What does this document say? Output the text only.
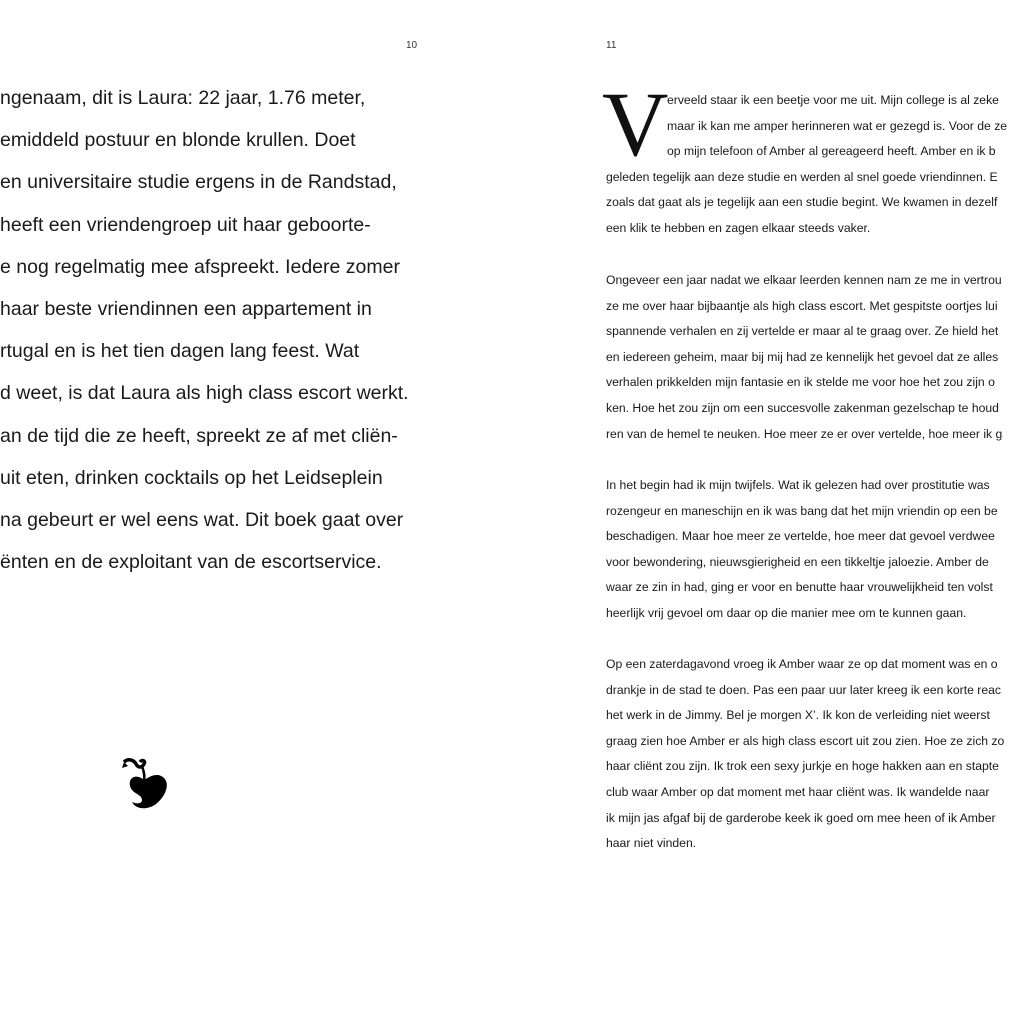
10
ngenaam, dit is Laura: 22 jaar, 1.76 meter,
emiddeld postuur en blonde krullen. Doet
en universitaire studie ergens in de Randstad,
heeft een vriendengroep uit haar geboorte-
e nog regelmatig mee afspreekt. Iedere zomer
haar beste vriendinnen een appartement in
rtugal en is het tien dagen lang feest. Wat
d weet, is dat Laura als high class escort werkt.
an de tijd die ze heeft, spreekt ze af met cliën-
uit eten, drinken cocktails op het Leidseplein
na gebeurt er wel eens wat. Dit boek gaat over
ënten en de exploitant van de escortservice.
11
V
erveeld staar ik een beetje voor me uit. Mijn college is al zeke
maar ik kan me amper herinneren wat er gezegd is. Voor de ze
op mijn telefoon of Amber al gereageerd heeft. Amber en ik b
geleden tegelijk aan deze studie en werden al snel goede vriendinnen. E
zoals dat gaat als je tegelijk aan een studie begint. We kwamen in dezelf
een klik te hebben en zagen elkaar steeds vaker.
Ongeveer een jaar nadat we elkaar leerden kennen nam ze me in vertrou
ze me over haar bijbaantje als high class escort. Met gespitste oortjes lui
spannende verhalen en zij vertelde er maar al te graag over. Ze hield het
en iedereen geheim, maar bij mij had ze kennelijk het gevoel dat ze alles
verhalen prikkelden mijn fantasie en ik stelde me voor hoe het zou zijn o
ken. Hoe het zou zijn om een succesvolle zakenman gezelschap te houd
ren van de hemel te neuken. Hoe meer ze er over vertelde, hoe meer ik g
In het begin had ik mijn twijfels. Wat ik gelezen had over prostitutie was
rozengeur en maneschijn en ik was bang dat het mijn vriendin op een be
beschadigen. Maar hoe meer ze vertelde, hoe meer dat gevoel verdwee
voor bewondering, nieuwsgierigheid en een tikkeltje jaloezie. Amber de
waar ze zin in had, ging er voor en benutte haar vrouwelijkheid ten volst
heerlijk vrij gevoel om daar op die manier mee om te kunnen gaan.
Op een zaterdagavond vroeg ik Amber waar ze op dat moment was en o
drankje in de stad te doen. Pas een paar uur later kreeg ik een korte reac
het werk in de Jimmy. Bel je morgen X’. Ik kon de verleiding niet weerst
graag zien hoe Amber er als high class escort uit zou zien. Hoe ze zich zo
haar cliënt zou zijn. Ik trok een sexy jurkje en hoge hakken aan en stapte
club waar Amber op dat moment met haar cliënt was. Ik wandelde naar
ik mijn jas afgaf bij de garderobe keek ik goed om mee heen of ik Amber
haar niet vinden.
